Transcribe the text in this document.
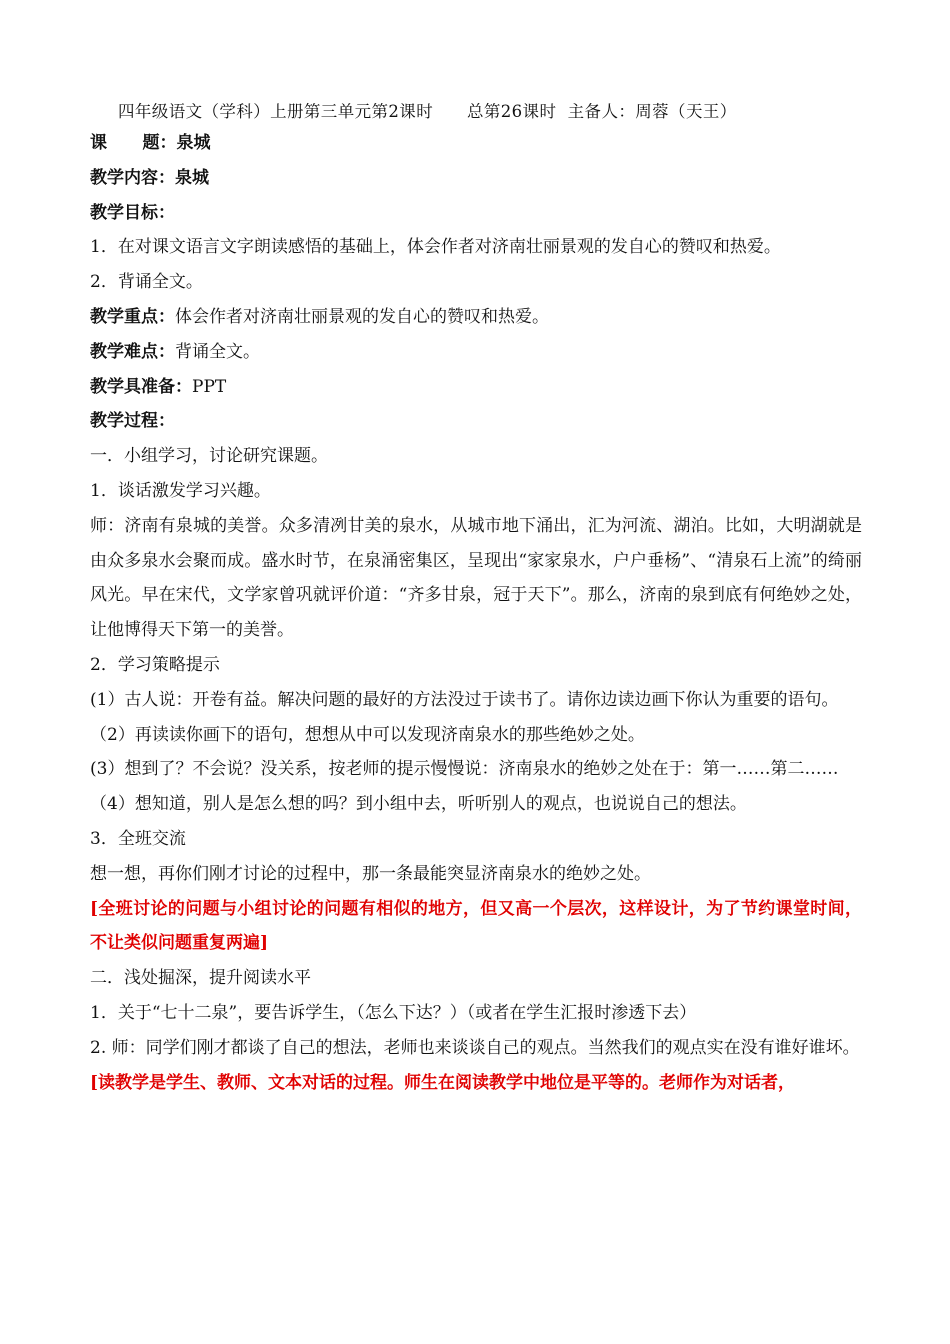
四年级语文（学科）上册第三单元第2课时      总第26课时  主备人：周蓉（天王）
课      题：泉城
教学内容：泉城
教学目标：
1．在对课文语言文字朗读感悟的基础上，体会作者对济南壮丽景观的发自心的赞叹和热爱。
2．背诵全文。
教学重点：体会作者对济南壮丽景观的发自心的赞叹和热爱。
教学难点：背诵全文。
教学具准备：PPT
教学过程：
一．小组学习，讨论研究课题。
1．谈话激发学习兴趣。
师：济南有泉城的美誉。众多清冽甘美的泉水，从城市地下涌出，汇为河流、湖泊。比如，大明湖就是由众多泉水会聚而成。盛水时节，在泉涌密集区，呈现出“家家泉水，户户垂杨”、“清泉石上流”的绮丽风光。早在宋代，文学家曾巩就评价道：“齐多甘泉，冠于天下”。那么，济南的泉到底有何绝妙之处，让他博得天下第一的美誉。
2．学习策略提示
(1）古人说：开卷有益。解决问题的最好的方法没过于读书了。请你边读边画下你认为重要的语句。
（2）再读读你画下的语句，想想从中可以发现济南泉水的那些绝妙之处。
(3）想到了？不会说？没关系，按老师的提示慢慢说：济南泉水的绝妙之处在于：第一……第二……
（4）想知道，别人是怎么想的吗？到小组中去，听听别人的观点，也说说自己的想法。
3．全班交流
想一想，再你们刚才讨论的过程中，那一条最能突显济南泉水的绝妙之处。
[全班讨论的问题与小组讨论的问题有相似的地方，但又高一个层次，这样设计，为了节约课堂时间，不让类似问题重复两遍]
二．浅处掘深，提升阅读水平
1．关于“七十二泉”，要告诉学生，（怎么下达？）（或者在学生汇报时渗透下去）
2. 师：同学们刚才都谈了自己的想法，老师也来谈谈自己的观点。当然我们的观点实在没有谁好谁坏。
[读教学是学生、教师、文本对话的过程。师生在阅读教学中地位是平等的。老师作为对话者，
